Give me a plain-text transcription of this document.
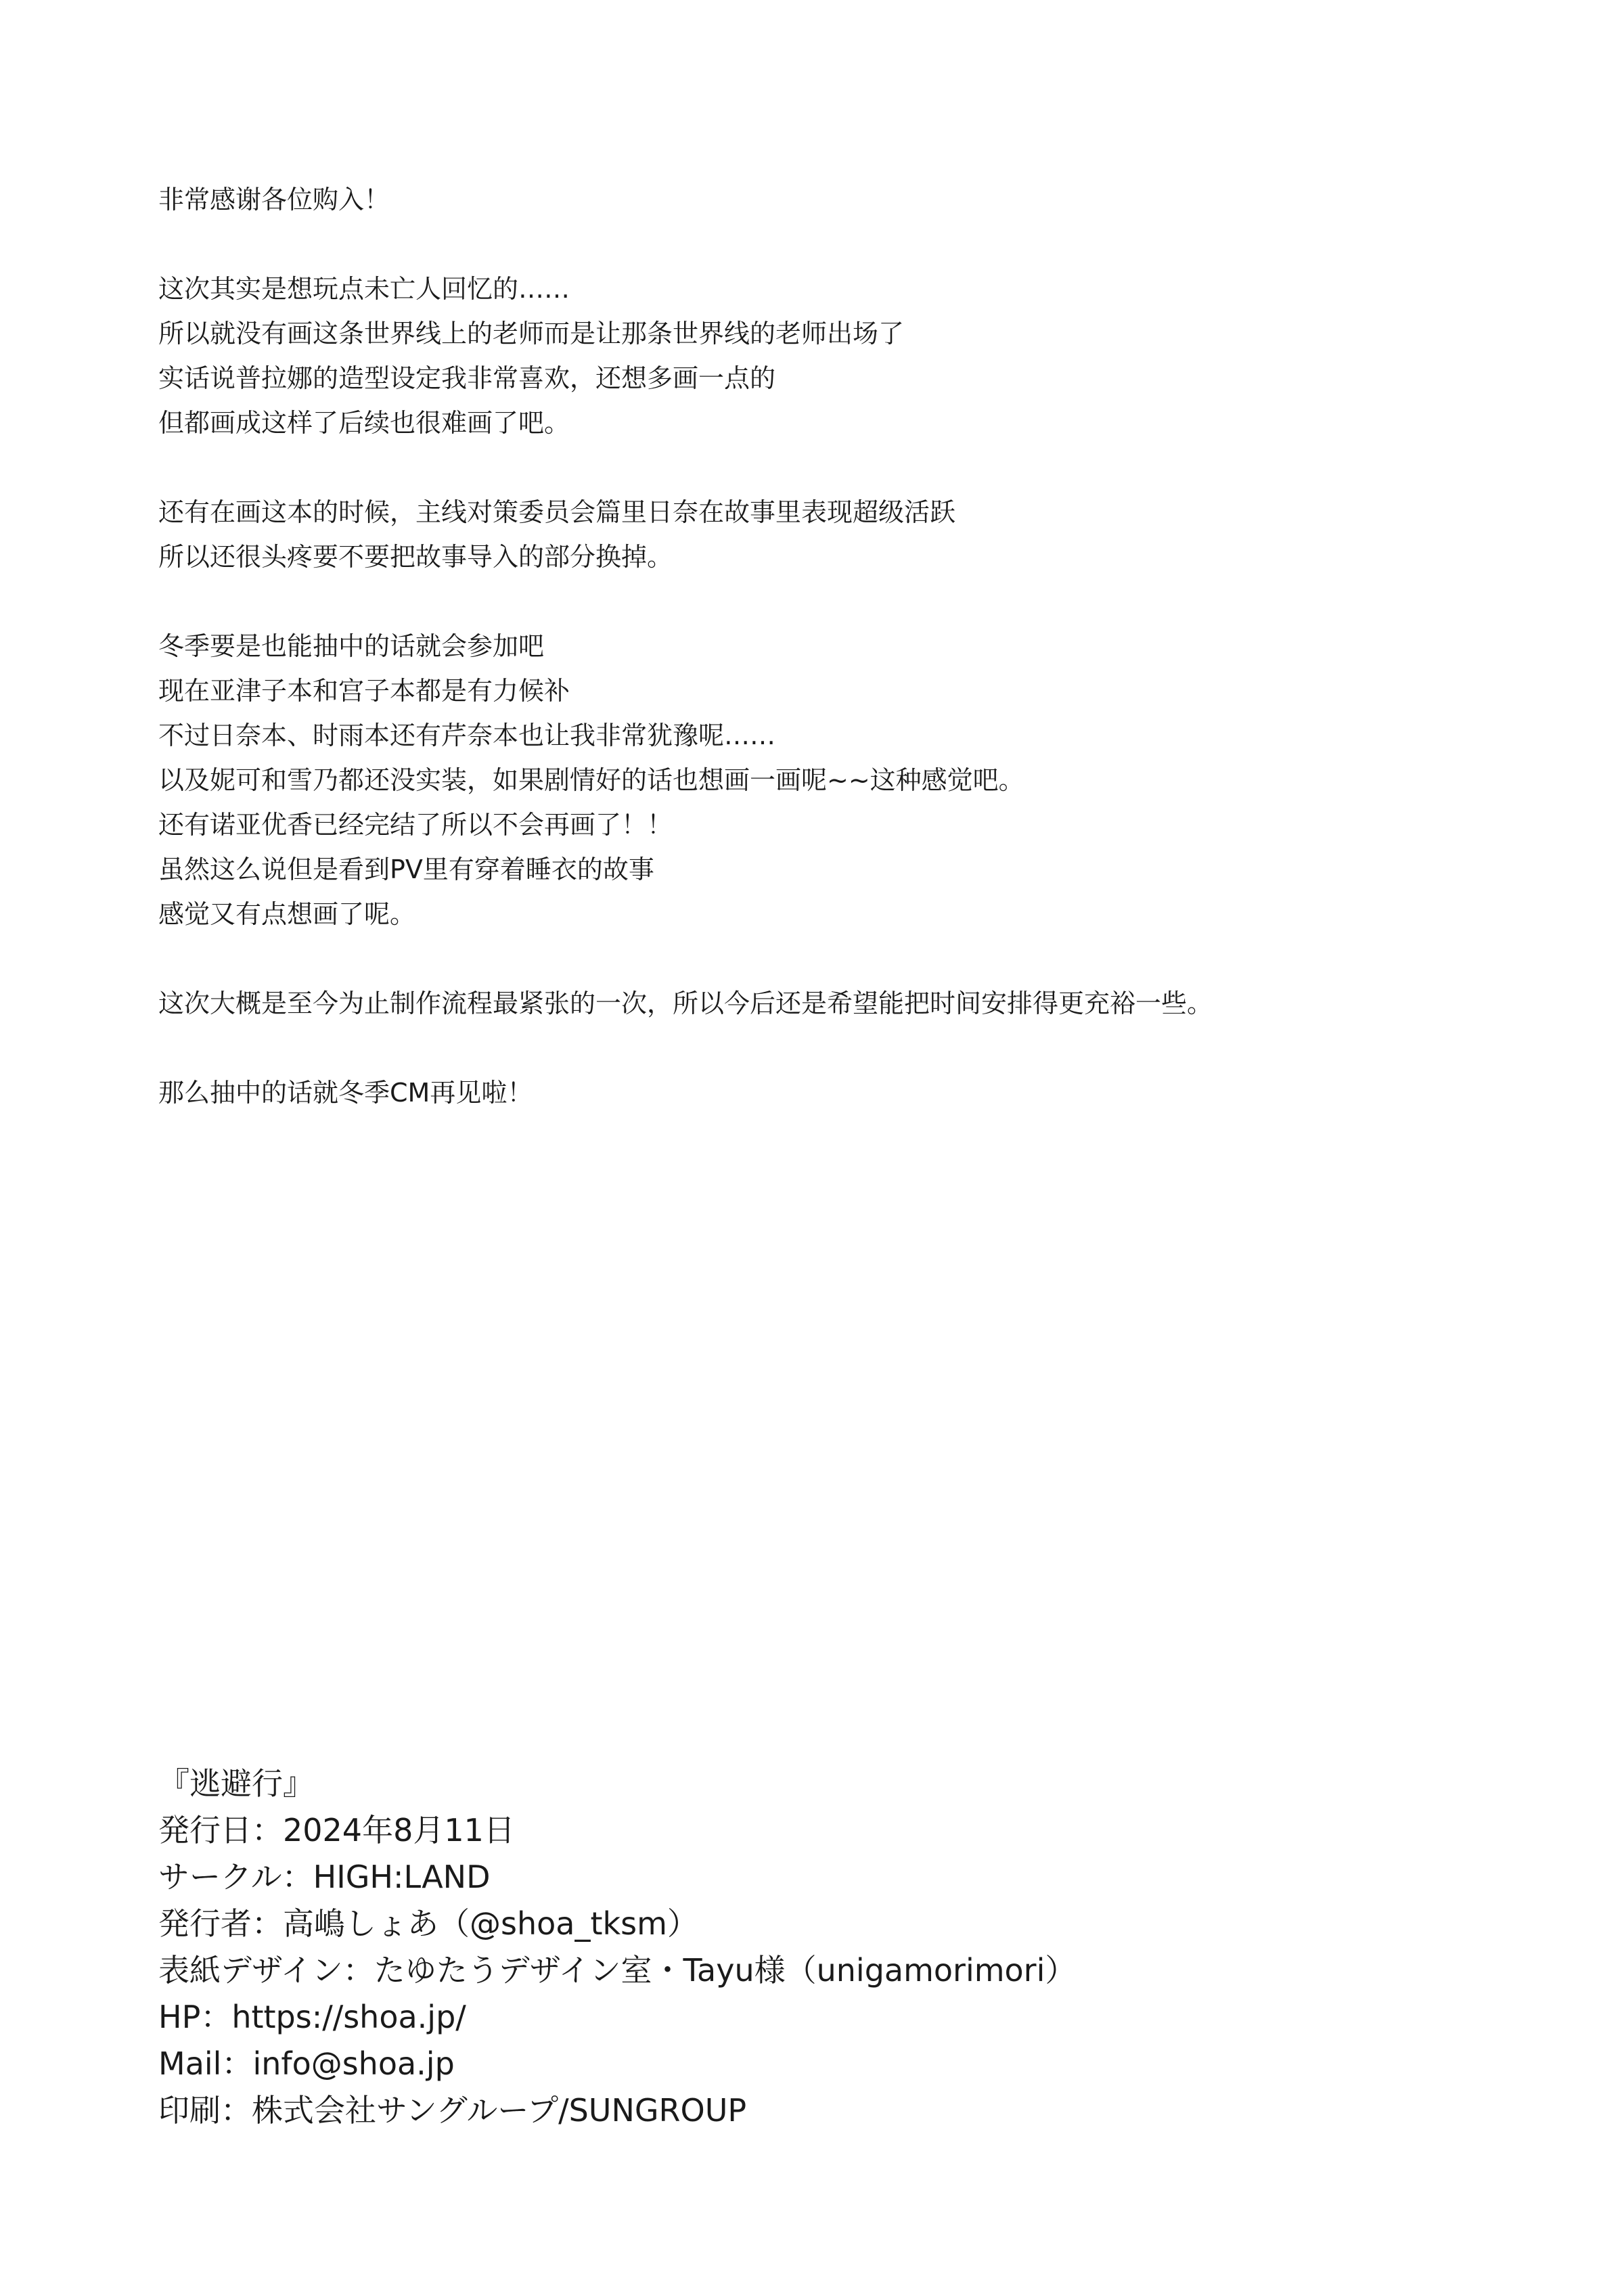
非常感谢各位购入！
这次其实是想玩点未亡人回忆的……
所以就没有画这条世界线上的老师而是让那条世界线的老师出场了
实话说普拉娜的造型设定我非常喜欢，还想多画一点的
但都画成这样了后续也很难画了吧。
还有在画这本的时候，主线对策委员会篇里日奈在故事里表现超级活跃
所以还很头疼要不要把故事导入的部分换掉。
冬季要是也能抽中的话就会参加吧
现在亚津子本和宫子本都是有力候补
不过日奈本、时雨本还有芹奈本也让我非常犹豫呢……
以及妮可和雪乃都还没实装，如果剧情好的话也想画一画呢~~这种感觉吧。
还有诺亚优香已经完结了所以不会再画了！！
虽然这么说但是看到PV里有穿着睡衣的故事
感觉又有点想画了呢。
这次大概是至今为止制作流程最紧张的一次，所以今后还是希望能把时间安排得更充裕一些。
那么抽中的话就冬季CM再见啦！
『逃避行』
発行日：2024年8月11日
サークル：HIGH:LAND
発行者：高嶋しょあ（@shoa_tksm）
表紙デザイン：たゆたうデザイン室・Tayu様（unigamorimori）
HP：https://shoa.jp/
Mail：info@shoa.jp
印刷：株式会社サングループ/SUNGROUP
